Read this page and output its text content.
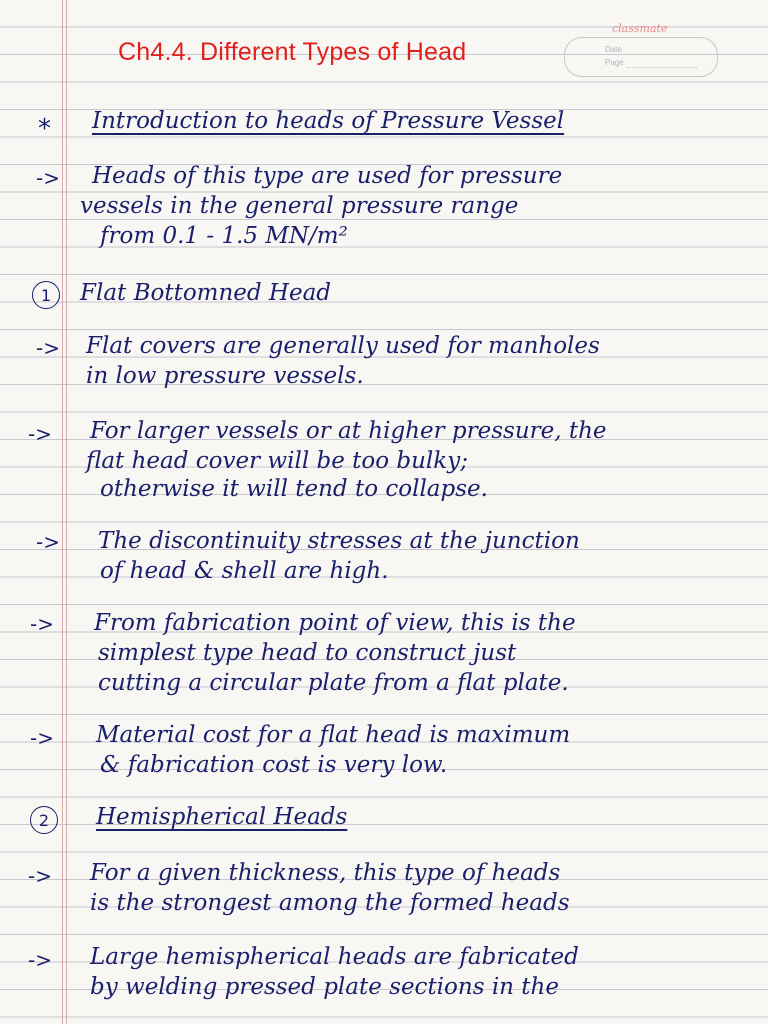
Ch4.4. Different Types of Head
classmate
Date
Page
* Introduction to heads of Pressure Vessel
-> Heads of this type are used for pressure
vessels in the general pressure range
from 0.1 - 1.5 MN/m²
1	Flat Bottomned Head
-> Flat covers are generally used for manholes
in low pressure vessels.
-> For larger vessels or at higher pressure, the
flat head cover will be too bulky;
otherwise it will tend to collapse.
-> The discontinuity stresses at the junction
of head & shell are high.
-> From fabrication point of view, this is the
simplest type head to construct just
cutting a circular plate from a flat plate.
-> Material cost for a flat head is maximum
& fabrication cost is very low.
2	Hemispherical Heads
-> For a given thickness, this type of heads
is the strongest among the formed heads
-> Large hemispherical heads are fabricated
by welding pressed plate sections in the
